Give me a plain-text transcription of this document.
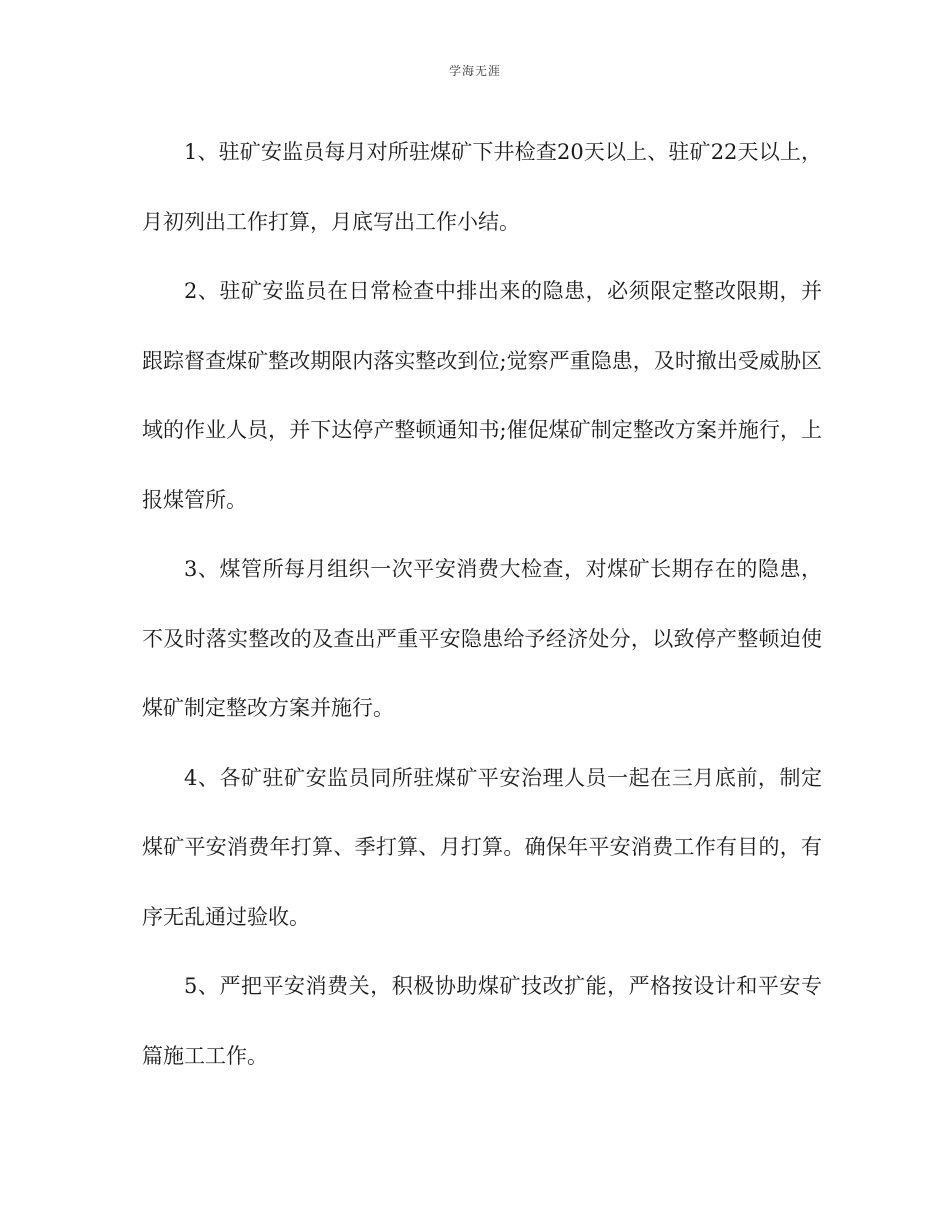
学海无涯

1、驻矿安监员每月对所驻煤矿下井检查20天以上、驻矿22天以上，月初列出工作打算，月底写出工作小结。

2、驻矿安监员在日常检查中排出来的隐患，必须限定整改限期，并跟踪督查煤矿整改期限内落实整改到位;觉察严重隐患，及时撤出受威胁区域的作业人员，并下达停产整顿通知书;催促煤矿制定整改方案并施行，上报煤管所。

3、煤管所每月组织一次平安消费大检查，对煤矿长期存在的隐患，不及时落实整改的及查出严重平安隐患给予经济处分，以致停产整顿迫使煤矿制定整改方案并施行。

4、各矿驻矿安监员同所驻煤矿平安治理人员一起在三月底前，制定煤矿平安消费年打算、季打算、月打算。确保年平安消费工作有目的，有序无乱通过验收。

5、严把平安消费关，积极协助煤矿技改扩能，严格按设计和平安专篇施工工作。
